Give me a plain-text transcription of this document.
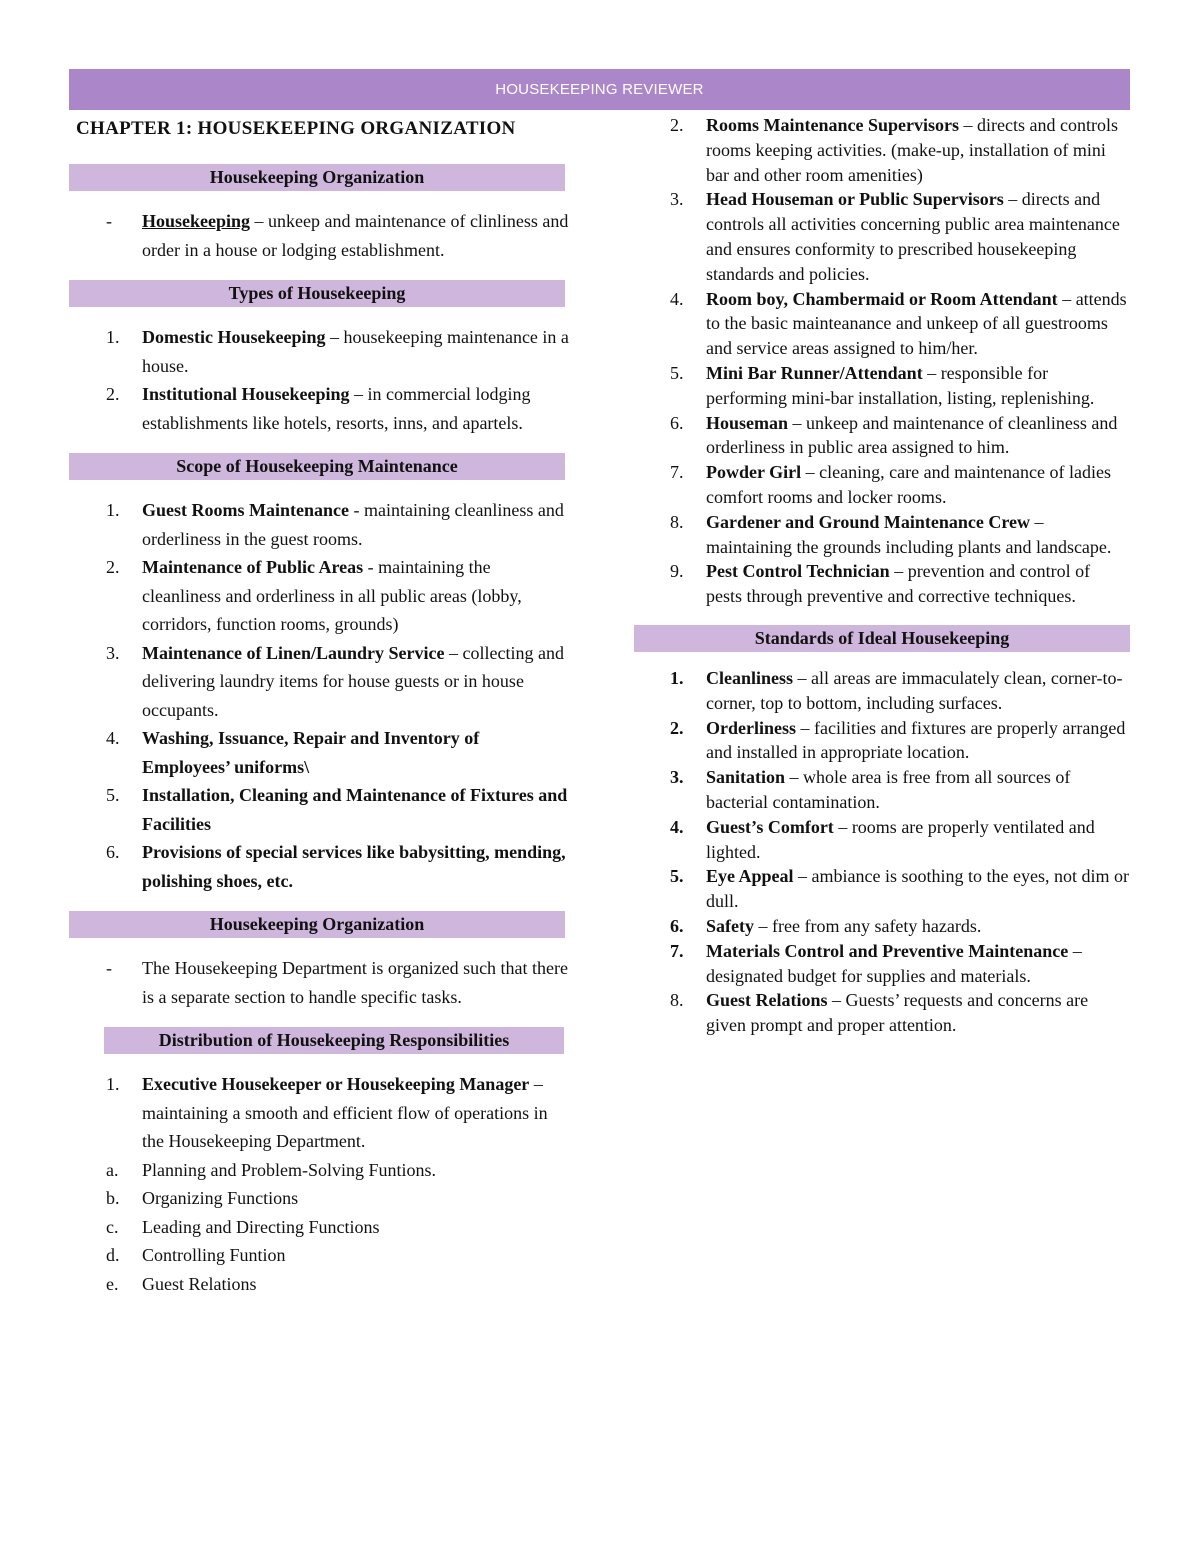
HOUSEKEEPING REVIEWER
CHAPTER 1: HOUSEKEEPING ORGANIZATION
Housekeeping Organization
-	Housekeeping – unkeep and maintenance of clinliness and order in a house or lodging establishment.
Types of Housekeeping
1.	Domestic Housekeeping – housekeeping maintenance in a house.
2.	Institutional Housekeeping – in commercial lodging establishments like hotels, resorts, inns, and apartels.
Scope of Housekeeping Maintenance
1.	Guest Rooms Maintenance - maintaining cleanliness and orderliness in the guest rooms.
2.	Maintenance of Public Areas - maintaining the cleanliness and orderliness in all public areas (lobby, corridors, function rooms, grounds)
3.	Maintenance of Linen/Laundry Service – collecting and delivering laundry items for house guests or in house occupants.
4.	Washing, Issuance, Repair and Inventory of Employees’ uniforms\
5.	Installation, Cleaning and Maintenance of Fixtures and Facilities
6.	Provisions of special services like babysitting, mending, polishing shoes, etc.
Housekeeping Organization
-	The Housekeeping Department is organized such that there is a separate section to handle specific tasks.
Distribution of Housekeeping Responsibilities
1.	Executive Housekeeper or Housekeeping Manager – maintaining a smooth and efficient flow of operations in the Housekeeping Department.
a.	Planning and Problem-Solving Funtions.
b.	Organizing Functions
c.	Leading and Directing Functions
d.	Controlling Funtion
e.	Guest Relations
2.	Rooms Maintenance Supervisors – directs and controls rooms keeping activities. (make-up, installation of mini bar and other room amenities)
3.	Head Houseman or Public Supervisors – directs and controls all activities concerning public area maintenance and ensures conformity to prescribed housekeeping standards and policies.
4.	Room boy, Chambermaid or Room Attendant – attends to the basic mainteanance and unkeep of all guestrooms and service areas assigned to him/her.
5.	Mini Bar Runner/Attendant – responsible for performing mini-bar installation, listing, replenishing.
6.	Houseman – unkeep and maintenance of cleanliness and orderliness in public area assigned to him.
7.	Powder Girl – cleaning, care and maintenance of ladies comfort rooms and locker rooms.
8.	Gardener and Ground Maintenance Crew – maintaining the grounds including plants and landscape.
9.	Pest Control Technician – prevention and control of pests through preventive and corrective techniques.
Standards of Ideal Housekeeping
1.	Cleanliness – all areas are immaculately clean, corner-to-corner, top to bottom, including surfaces.
2.	Orderliness – facilities and fixtures are properly arranged and installed in appropriate location.
3.	Sanitation – whole area is free from all sources of bacterial contamination.
4.	Guest’s Comfort – rooms are properly ventilated and lighted.
5.	Eye Appeal – ambiance is soothing to the eyes, not dim or dull.
6.	Safety – free from any safety hazards.
7.	Materials Control and Preventive Maintenance – designated budget for supplies and materials.
8.	Guest Relations – Guests’ requests and concerns are given prompt and proper attention.
